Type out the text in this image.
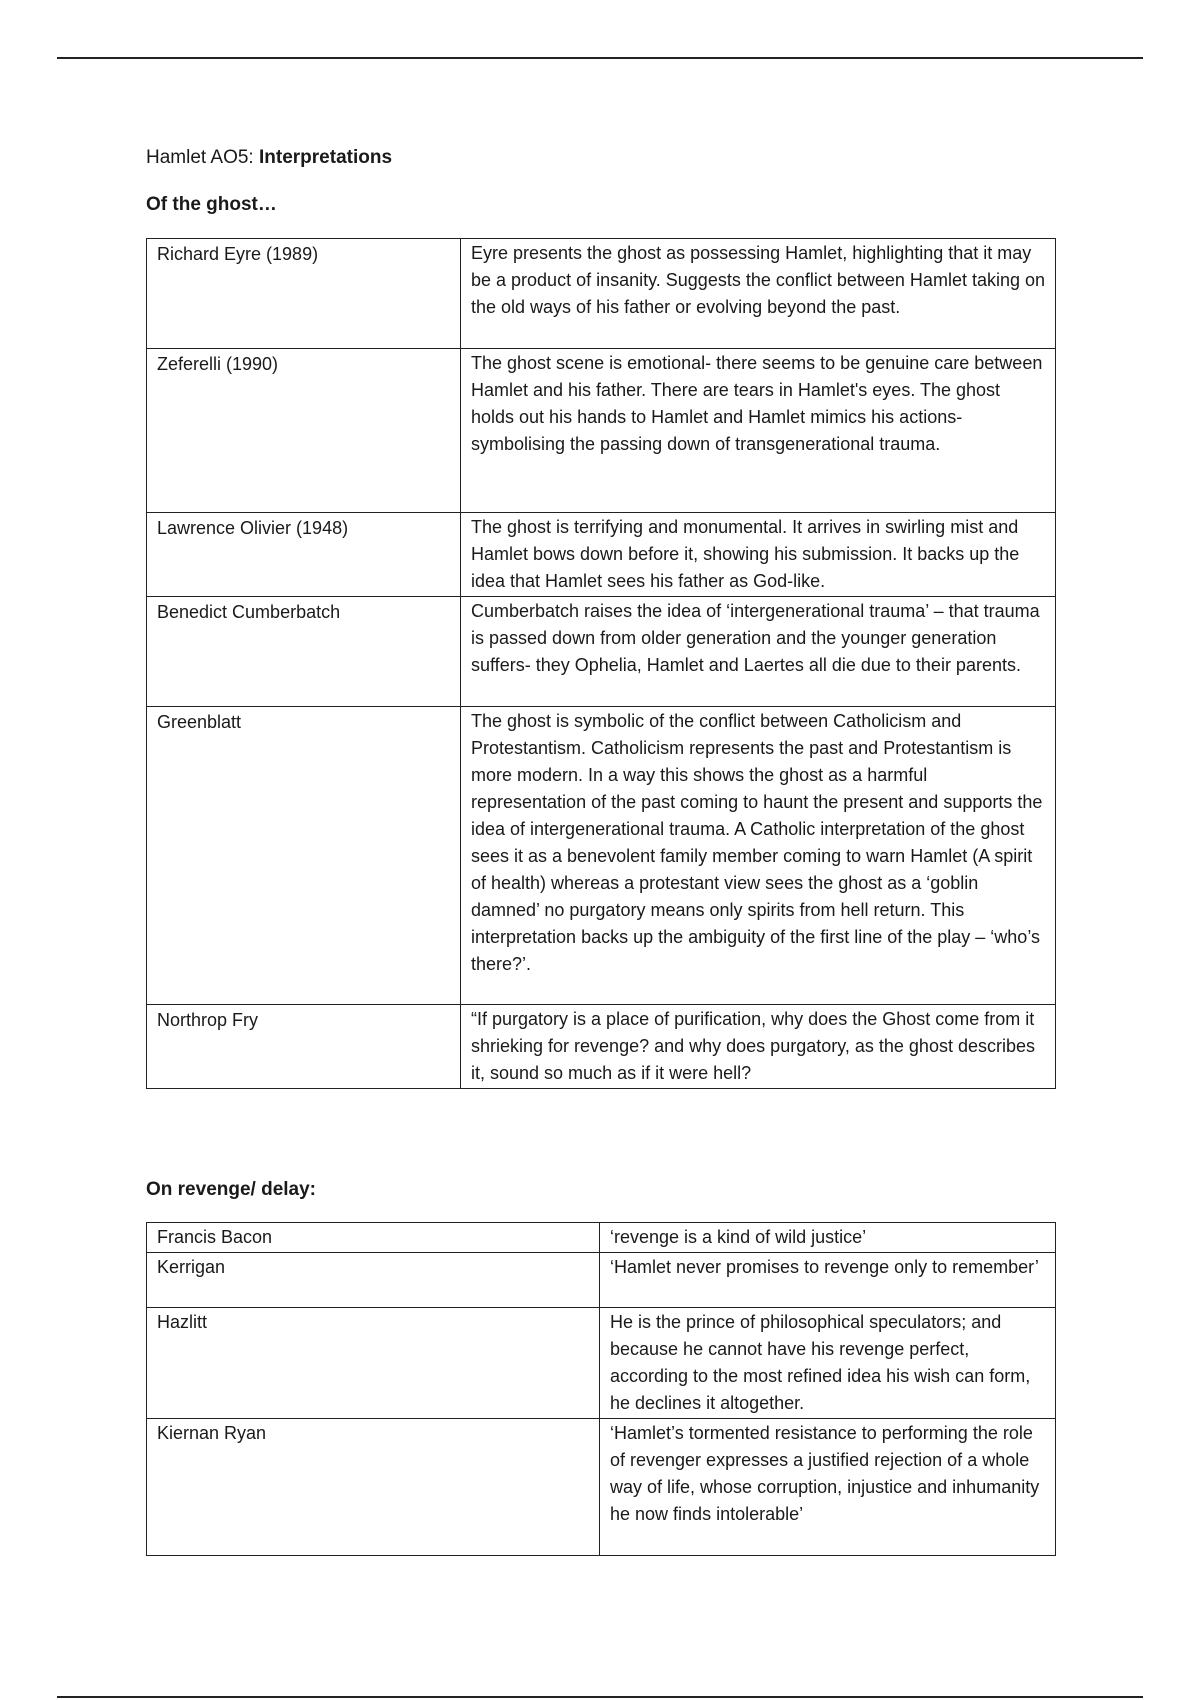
Hamlet AO5: Interpretations
Of the ghost…
Richard Eyre (1989)	Eyre presents the ghost as possessing Hamlet, highlighting that it may be a product of insanity. Suggests the conflict between Hamlet taking on the old ways of his father or evolving beyond the past.
Zeferelli (1990)	The ghost scene is emotional- there seems to be genuine care between Hamlet and his father. There are tears in Hamlet's eyes. The ghost holds out his hands to Hamlet and Hamlet mimics his actions- symbolising the passing down of transgenerational trauma.
Lawrence Olivier (1948)	The ghost is terrifying and monumental. It arrives in swirling mist and Hamlet bows down before it, showing his submission. It backs up the idea that Hamlet sees his father as God-like.
Benedict Cumberbatch	Cumberbatch raises the idea of ‘intergenerational trauma’ – that trauma is passed down from older generation and the younger generation suffers- they Ophelia, Hamlet and Laertes all die due to their parents.
Greenblatt	The ghost is symbolic of the conflict between Catholicism and Protestantism. Catholicism represents the past and Protestantism is more modern. In a way this shows the ghost as a harmful representation of the past coming to haunt the present and supports the idea of intergenerational trauma. A Catholic interpretation of the ghost sees it as a benevolent family member coming to warn Hamlet (A spirit of health) whereas a protestant view sees the ghost as a ‘goblin damned’ no purgatory means only spirits from hell return. This interpretation backs up the ambiguity of the first line of the play – ‘who’s there?’.
Northrop Fry	“If purgatory is a place of purification, why does the Ghost come from it shrieking for revenge? and why does purgatory, as the ghost describes it, sound so much as if it were hell?
On revenge/ delay:
Francis Bacon	‘revenge is a kind of wild justice’
Kerrigan	‘Hamlet never promises to revenge only to remember’
Hazlitt	He is the prince of philosophical speculators; and because he cannot have his revenge perfect, according to the most refined idea his wish can form, he declines it altogether.
Kiernan Ryan	‘Hamlet’s tormented resistance to performing the role of revenger expresses a justified rejection of a whole way of life, whose corruption, injustice and inhumanity he now finds intolerable’
